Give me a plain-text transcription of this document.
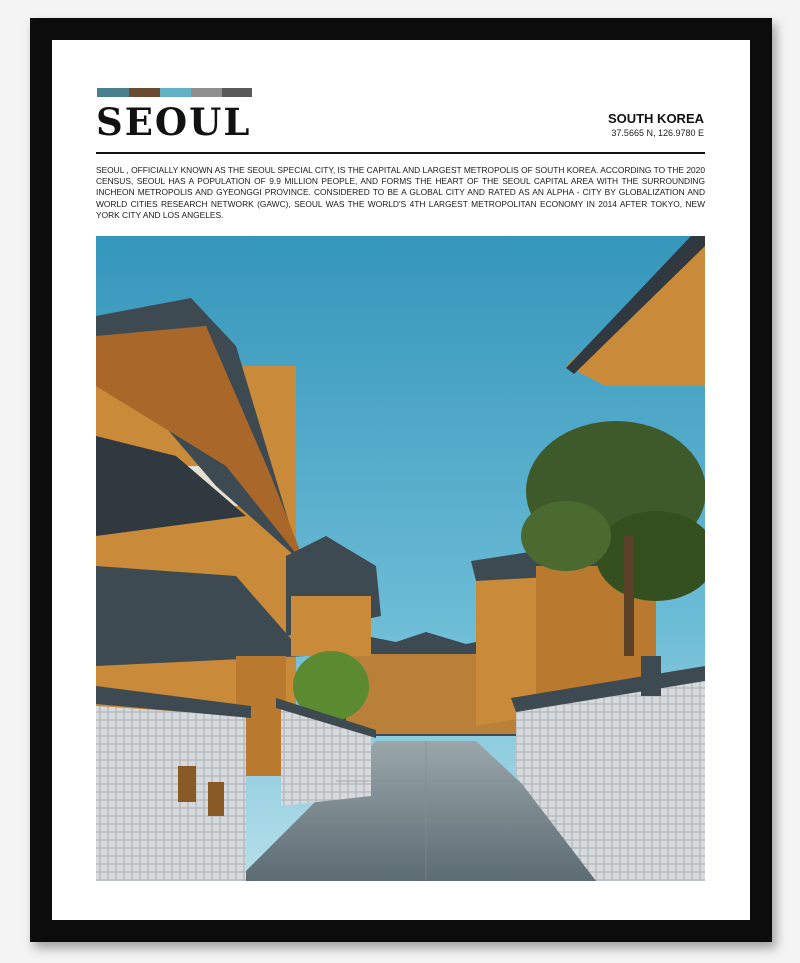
SEOUL	SOUTH KOREA
37.5665 N, 126.9780 E

SEOUL , OFFICIALLY KNOWN AS THE SEOUL SPECIAL CITY, IS THE CAPITAL AND LARGEST METROPOLIS OF SOUTH KOREA. ACCORDING TO THE 2020 CENSUS, SEOUL HAS A POPULATION OF 9.9 MILLION PEOPLE, AND FORMS THE HEART OF THE SEOUL CAPITAL AREA WITH THE SURROUNDING INCHEON METROPOLIS AND GYEONGGI PROVINCE. CONSIDERED TO BE A GLOBAL CITY AND RATED AS AN ALPHA - CITY BY GLOBALIZATION AND WORLD CITIES RESEARCH NETWORK (GAWC), SEOUL WAS THE WORLD'S 4TH LARGEST METROPOLITAN ECONOMY IN 2014 AFTER TOKYO, NEW YORK CITY AND LOS ANGELES.
